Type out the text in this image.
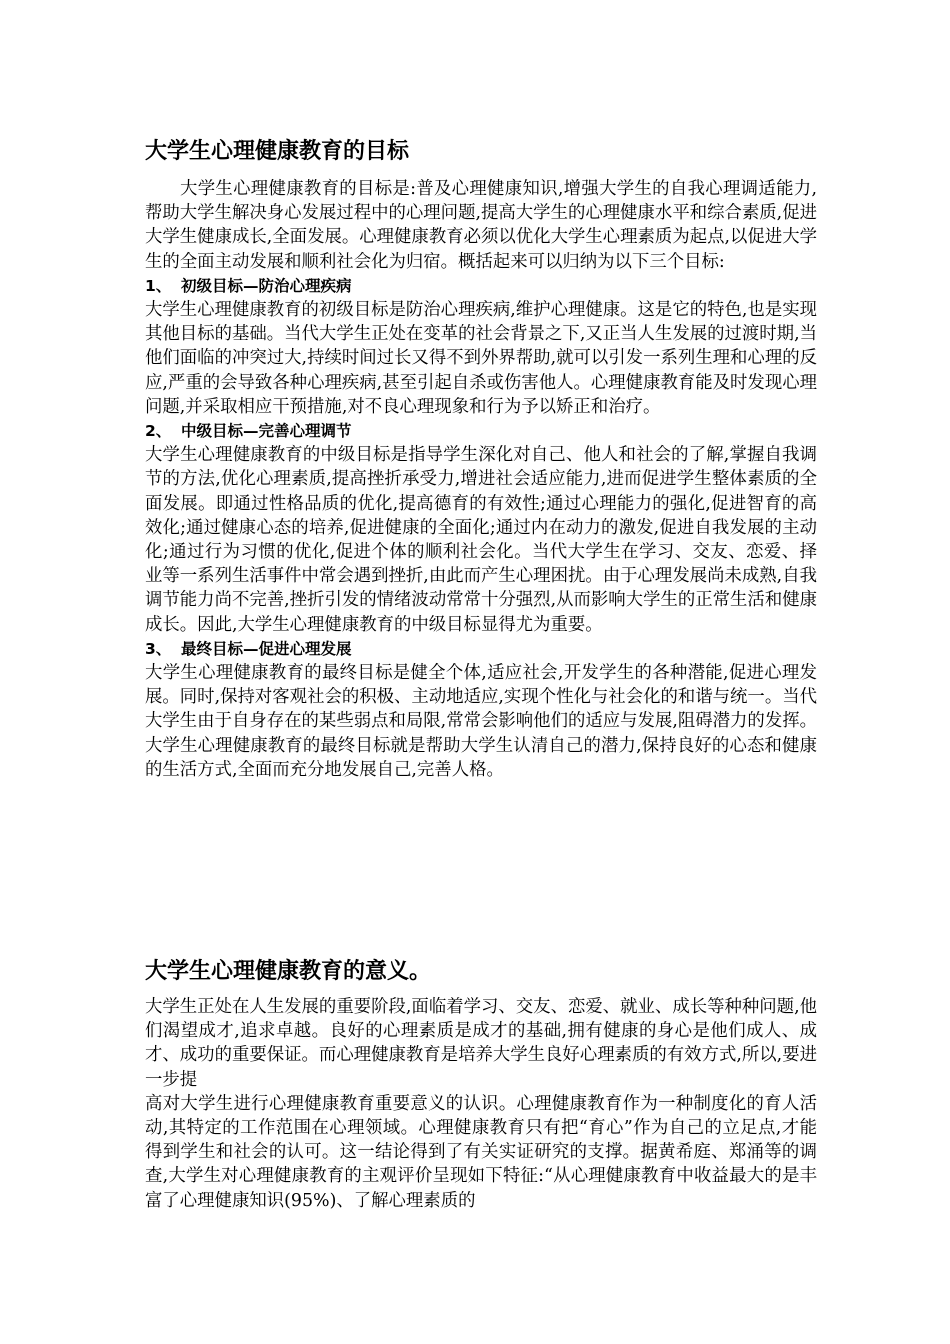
大学生心理健康教育的目标

大学生心理健康教育的目标是:普及心理健康知识,增强大学生的自我心理调适能力,帮助大学生解决身心发展过程中的心理问题,提高大学生的心理健康水平和综合素质,促进大学生健康成长,全面发展。心理健康教育必须以优化大学生心理素质为起点,以促进大学生的全面主动发展和顺利社会化为归宿。概括起来可以归纳为以下三个目标:

1、 初级目标—防治心理疾病

大学生心理健康教育的初级目标是防治心理疾病,维护心理健康。这是它的特色,也是实现其他目标的基础。当代大学生正处在变革的社会背景之下,又正当人生发展的过渡时期,当他们面临的冲突过大,持续时间过长又得不到外界帮助,就可以引发一系列生理和心理的反应,严重的会导致各种心理疾病,甚至引起自杀或伤害他人。心理健康教育能及时发现心理问题,并采取相应干预措施,对不良心理现象和行为予以矫正和治疗。

2、 中级目标—完善心理调节

大学生心理健康教育的中级目标是指导学生深化对自己、他人和社会的了解,掌握自我调节的方法,优化心理素质,提高挫折承受力,增进社会适应能力,进而促进学生整体素质的全面发展。即通过性格品质的优化,提高德育的有效性;通过心理能力的强化,促进智育的高效化;通过健康心态的培养,促进健康的全面化;通过内在动力的激发,促进自我发展的主动化;通过行为习惯的优化,促进个体的顺利社会化。当代大学生在学习、交友、恋爱、择业等一系列生活事件中常会遇到挫折,由此而产生心理困扰。由于心理发展尚未成熟,自我调节能力尚不完善,挫折引发的情绪波动常常十分强烈,从而影响大学生的正常生活和健康成长。因此,大学生心理健康教育的中级目标显得尤为重要。

3、 最终目标—促进心理发展

大学生心理健康教育的最终目标是健全个体,适应社会,开发学生的各种潜能,促进心理发展。同时,保持对客观社会的积极、主动地适应,实现个性化与社会化的和谐与统一。当代大学生由于自身存在的某些弱点和局限,常常会影响他们的适应与发展,阻碍潜力的发挥。大学生心理健康教育的最终目标就是帮助大学生认清自己的潜力,保持良好的心态和健康的生活方式,全面而充分地发展自己,完善人格。

大学生心理健康教育的意义。

大学生正处在人生发展的重要阶段,面临着学习、交友、恋爱、就业、成长等种种问题,他们渴望成才,追求卓越。良好的心理素质是成才的基础,拥有健康的身心是他们成人、成才、成功的重要保证。而心理健康教育是培养大学生良好心理素质的有效方式,所以,要进一步提

高对大学生进行心理健康教育重要意义的认识。心理健康教育作为一种制度化的育人活动,其特定的工作范围在心理领域。心理健康教育只有把“育心”作为自己的立足点,才能得到学生和社会的认可。这一结论得到了有关实证研究的支撑。据黄希庭、郑涌等的调查,大学生对心理健康教育的主观评价呈现如下特征:“从心理健康教育中收益最大的是丰富了心理健康知识(95%)、了解心理素质的
